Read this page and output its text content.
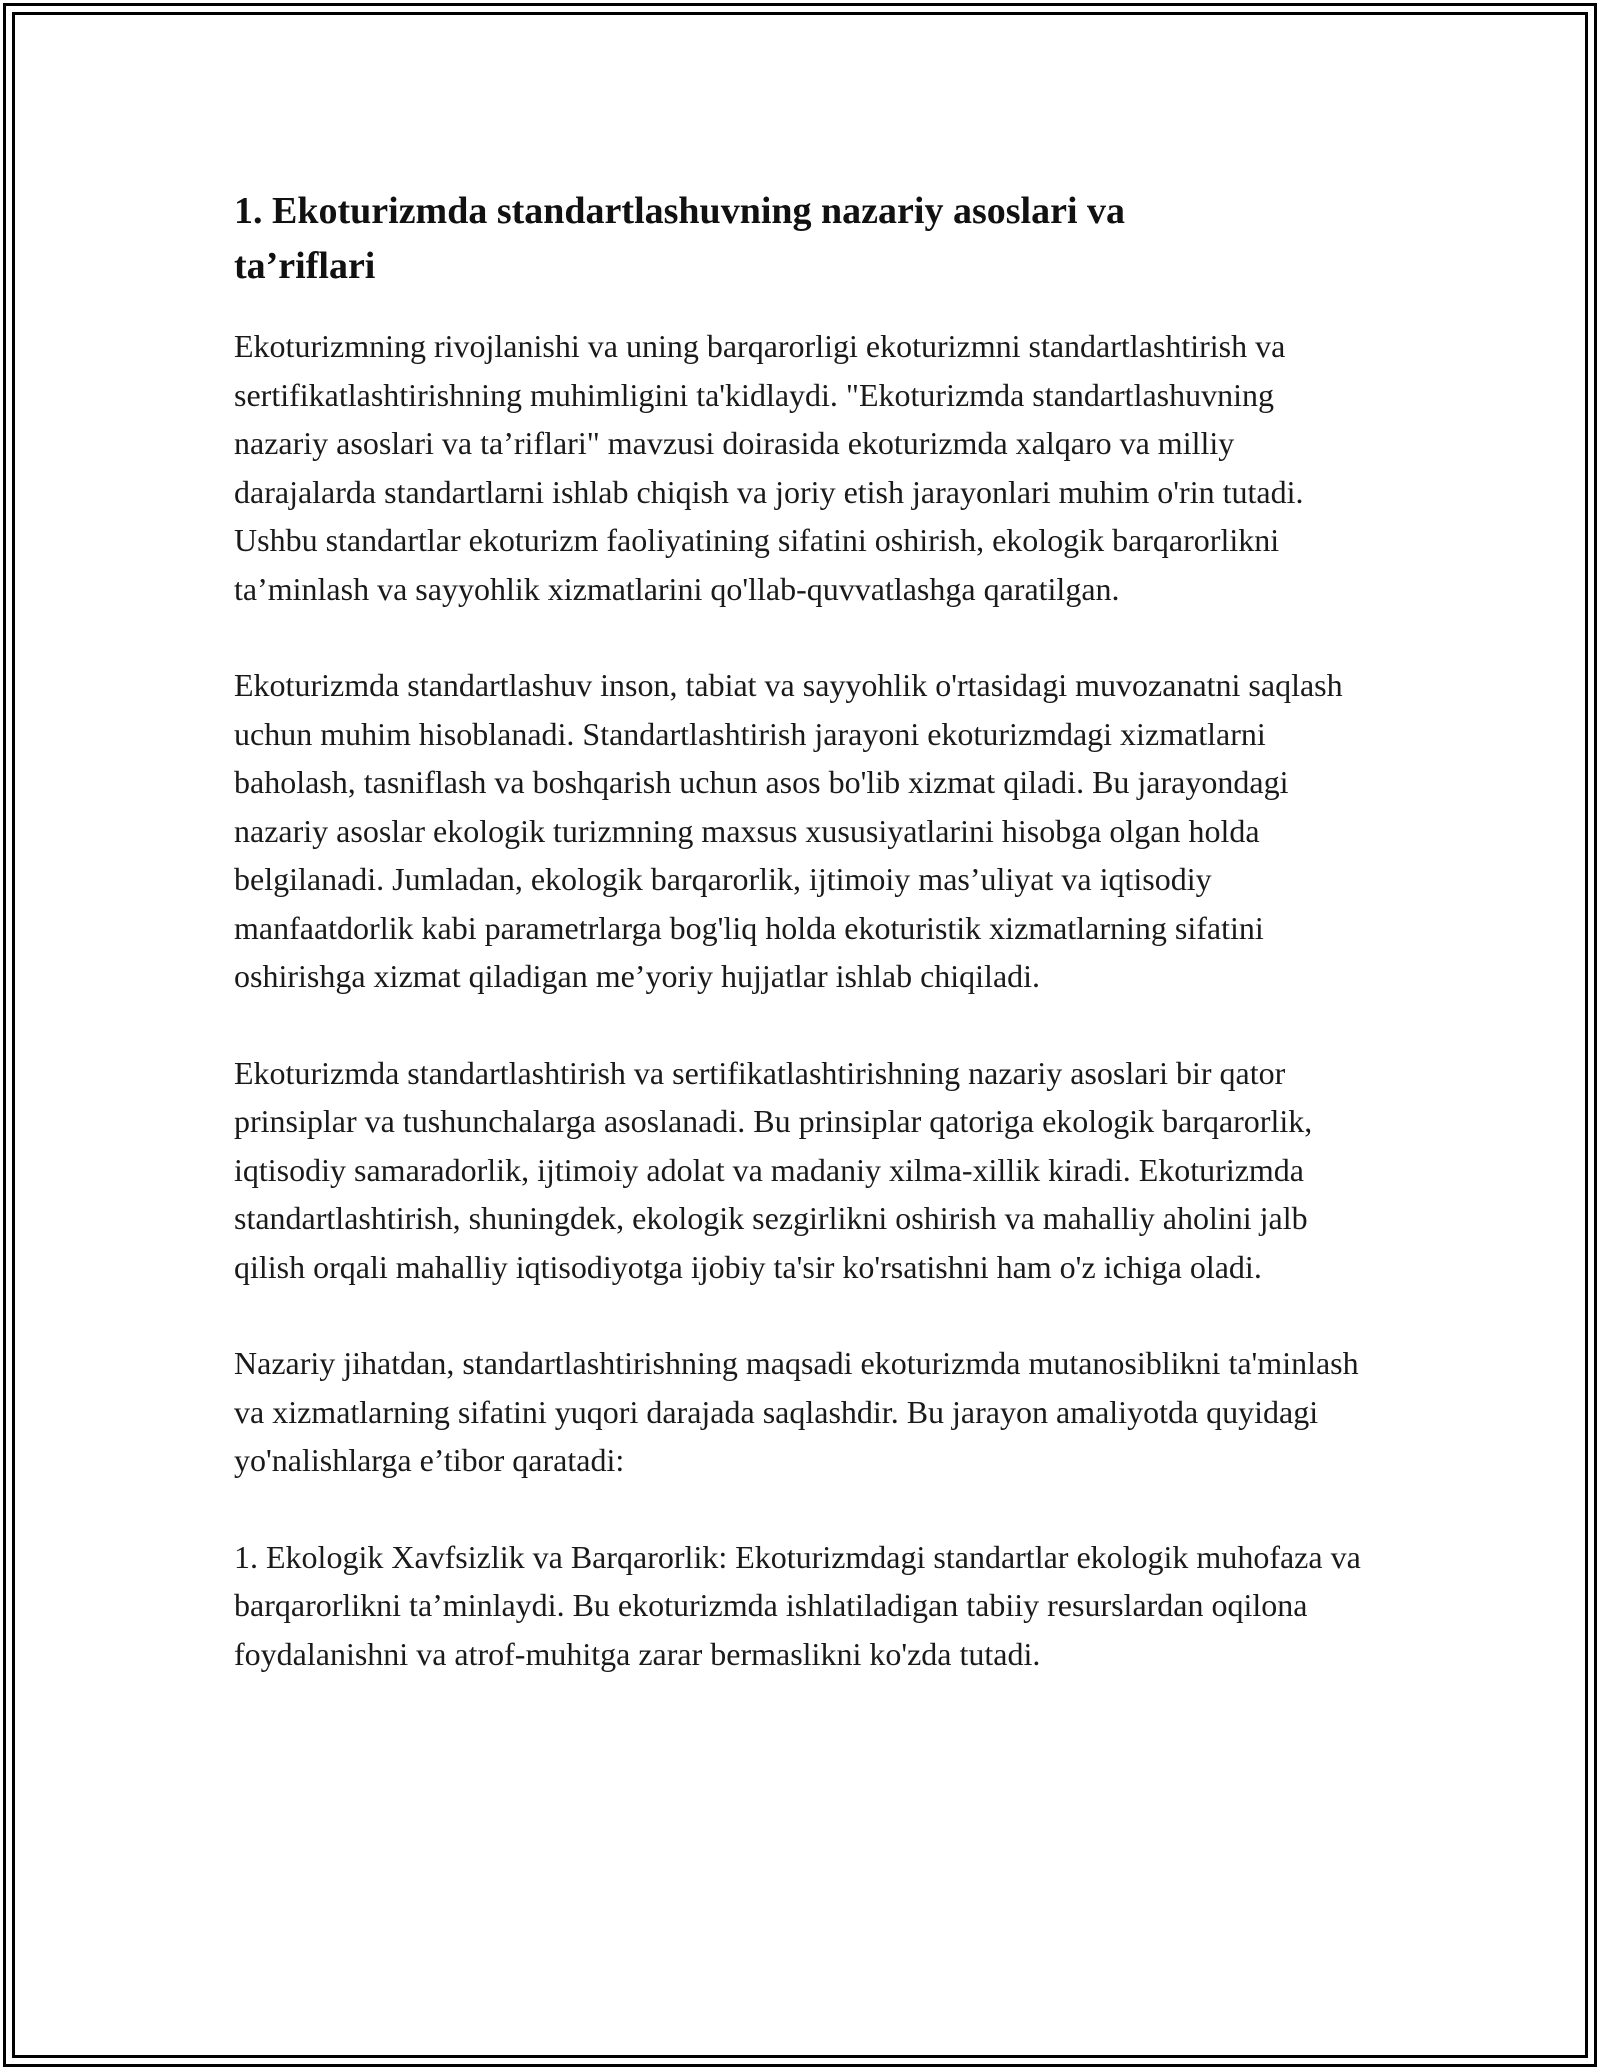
1. Ekoturizmda standartlashuvning nazariy asoslari va ta’riflari

Ekoturizmning rivojlanishi va uning barqarorligi ekoturizmni standartlashtirish va sertifikatlashtirishning muhimligini ta'kidlaydi. "Ekoturizmda standartlashuvning nazariy asoslari va ta’riflari" mavzusi doirasida ekoturizmda xalqaro va milliy darajalarda standartlarni ishlab chiqish va joriy etish jarayonlari muhim o'rin tutadi. Ushbu standartlar ekoturizm faoliyatining sifatini oshirish, ekologik barqarorlikni ta’minlash va sayyohlik xizmatlarini qo'llab-quvvatlashga qaratilgan.

Ekoturizmda standartlashuv inson, tabiat va sayyohlik o'rtasidagi muvozanatni saqlash uchun muhim hisoblanadi. Standartlashtirish jarayoni ekoturizmdagi xizmatlarni baholash, tasniflash va boshqarish uchun asos bo'lib xizmat qiladi. Bu jarayondagi nazariy asoslar ekologik turizmning maxsus xususiyatlarini hisobga olgan holda belgilanadi. Jumladan, ekologik barqarorlik, ijtimoiy mas’uliyat va iqtisodiy manfaatdorlik kabi parametrlarga bog'liq holda ekoturistik xizmatlarning sifatini oshirishga xizmat qiladigan me’yoriy hujjatlar ishlab chiqiladi.

Ekoturizmda standartlashtirish va sertifikatlashtirishning nazariy asoslari bir qator prinsiplar va tushunchalarga asoslanadi. Bu prinsiplar qatoriga ekologik barqarorlik, iqtisodiy samaradorlik, ijtimoiy adolat va madaniy xilma-xillik kiradi. Ekoturizmda standartlashtirish, shuningdek, ekologik sezgirlikni oshirish va mahalliy aholini jalb qilish orqali mahalliy iqtisodiyotga ijobiy ta'sir ko'rsatishni ham o'z ichiga oladi.

Nazariy jihatdan, standartlashtirishning maqsadi ekoturizmda mutanosiblikni ta'minlash va xizmatlarning sifatini yuqori darajada saqlashdir. Bu jarayon amaliyotda quyidagi yo'nalishlarga e’tibor qaratadi:

1. Ekologik Xavfsizlik va Barqarorlik: Ekoturizmdagi standartlar ekologik muhofaza va barqarorlikni ta’minlaydi. Bu ekoturizmda ishlatiladigan tabiiy resurslardan oqilona foydalanishni va atrof-muhitga zarar bermaslikni ko'zda tutadi.
